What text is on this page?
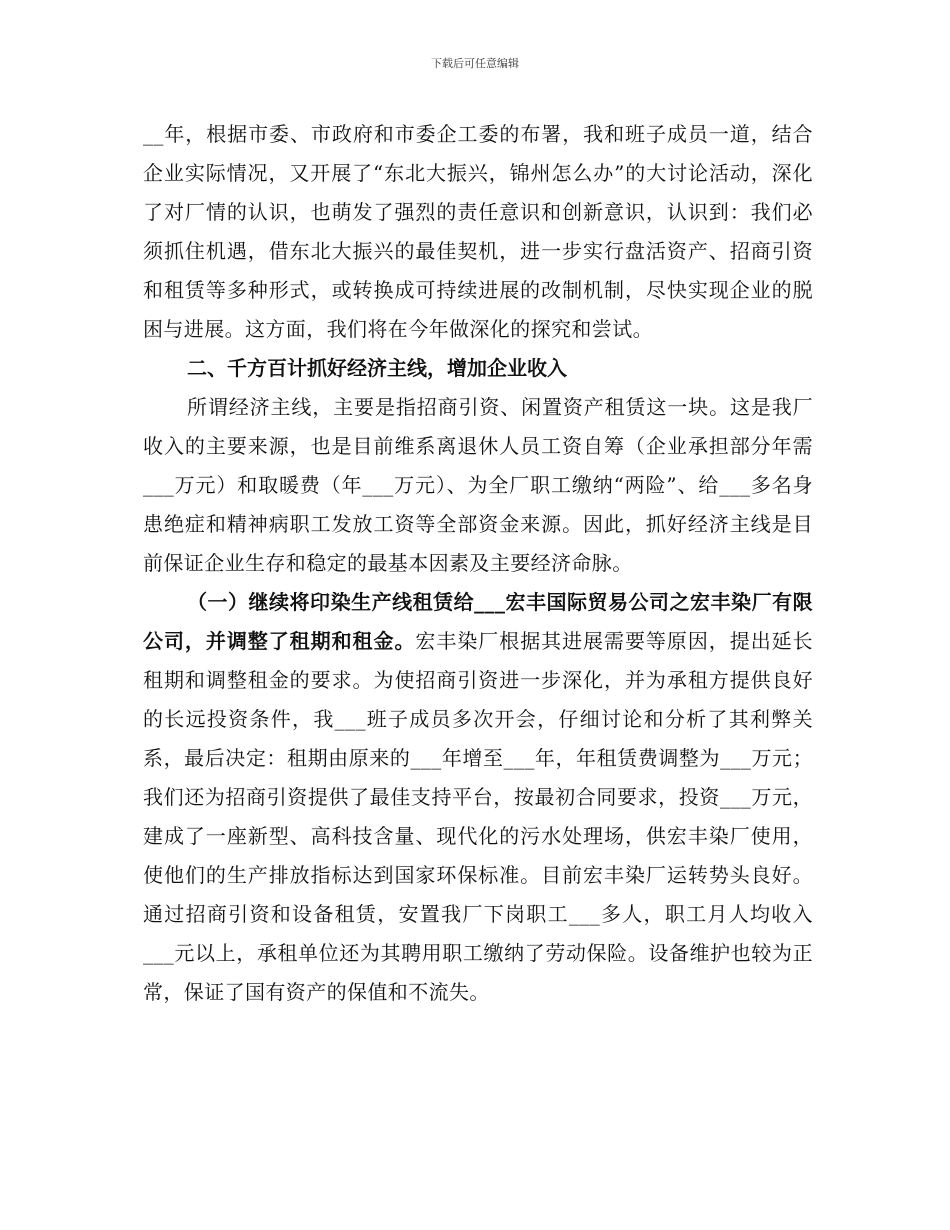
下载后可任意编辑

__年，根据市委、市政府和市委企工委的布署，我和班子成员一道，结合企业实际情况，又开展了“东北大振兴，锦州怎么办”的大讨论活动，深化了对厂情的认识，也萌发了强烈的责任意识和创新意识，认识到：我们必须抓住机遇，借东北大振兴的最佳契机，进一步实行盘活资产、招商引资和租赁等多种形式，或转换成可持续进展的改制机制，尽快实现企业的脱困与进展。这方面，我们将在今年做深化的探究和尝试。

二、千方百计抓好经济主线，增加企业收入

所谓经济主线，主要是指招商引资、闲置资产租赁这一块。这是我厂收入的主要来源，也是目前维系离退休人员工资自筹（企业承担部分年需___万元）和取暖费（年___万元）、为全厂职工缴纳“两险”、给___多名身患绝症和精神病职工发放工资等全部资金来源。因此，抓好经济主线是目前保证企业生存和稳定的最基本因素及主要经济命脉。

（一）继续将印染生产线租赁给___宏丰国际贸易公司之宏丰染厂有限公司，并调整了租期和租金。宏丰染厂根据其进展需要等原因，提出延长租期和调整租金的要求。为使招商引资进一步深化，并为承租方提供良好的长远投资条件，我___班子成员多次开会，仔细讨论和分析了其利弊关系，最后决定：租期由原来的___年增至___年，年租赁费调整为___万元；我们还为招商引资提供了最佳支持平台，按最初合同要求，投资___万元，建成了一座新型、高科技含量、现代化的污水处理场，供宏丰染厂使用，使他们的生产排放指标达到国家环保标准。目前宏丰染厂运转势头良好。通过招商引资和设备租赁，安置我厂下岗职工___多人，职工月人均收入___元以上，承租单位还为其聘用职工缴纳了劳动保险。设备维护也较为正常，保证了国有资产的保值和不流失。
